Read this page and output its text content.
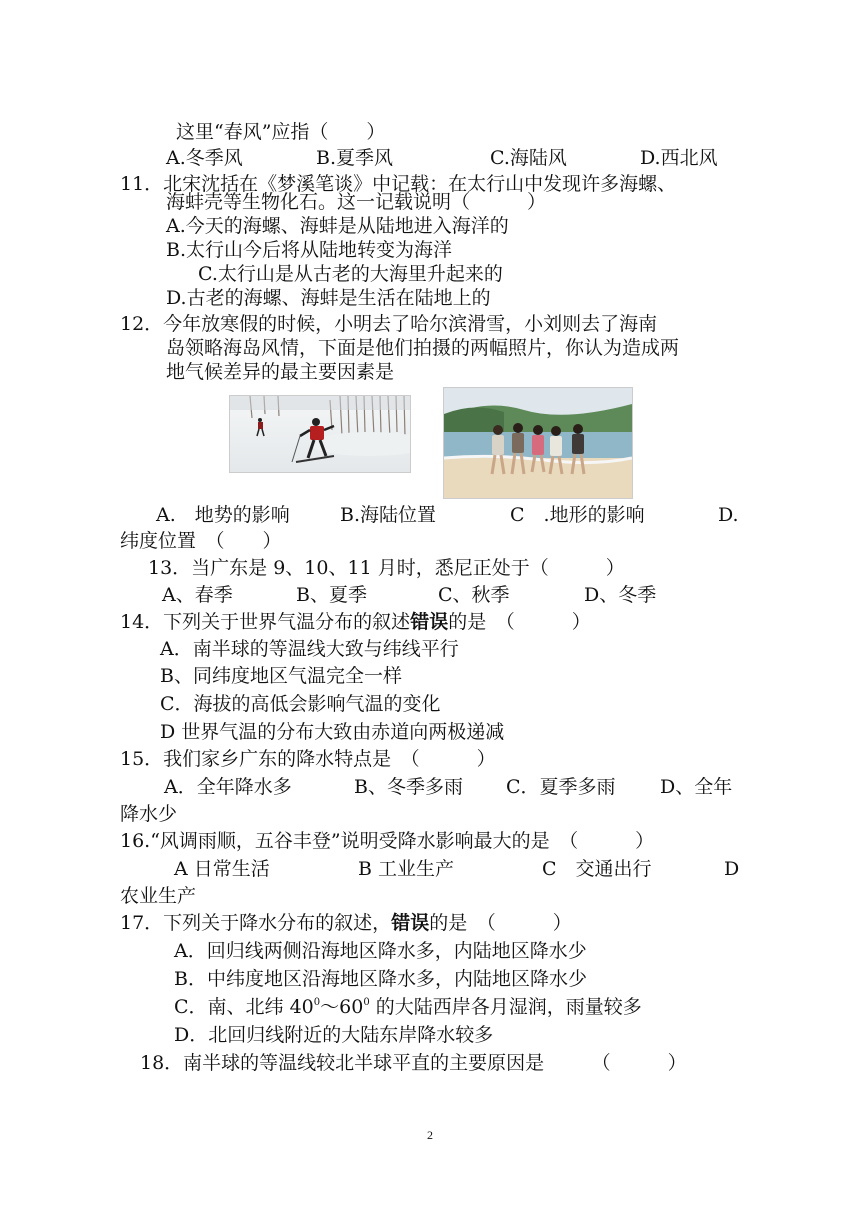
这里“春风”应指（　　）
A.冬季风	B.夏季风	C.海陆风	D.西北风
11．北宋沈括在《梦溪笔谈》中记载：在太行山中发现许多海螺、
海蚌壳等生物化石。这一记载说明（　　　）
A.今天的海螺、海蚌是从陆地进入海洋的
B.太行山今后将从陆地转变为海洋
C.太行山是从古老的大海里升起来的
D.古老的海螺、海蚌是生活在陆地上的
12．今年放寒假的时候，小明去了哈尔滨滑雪，小刘则去了海南
岛领略海岛风情，下面是他们拍摄的两幅照片，你认为造成两
地气候差异的最主要因素是
A.　地势的影响	B.海陆位置	C　.地形的影响	D.
纬度位置　（　　）
13．当广东是 9、10、11 月时，悉尼正处于（　　　）
A、春季	B、夏季	C、秋季	D、冬季
14．下列关于世界气温分布的叙述错误的是　（　　　）
A．南半球的等温线大致与纬线平行
B、同纬度地区气温完全一样
C．海拔的高低会影响气温的变化
D 世界气温的分布大致由赤道向两极递减
15．我们家乡广东的降水特点是　（　　　）
A．全年降水多	B、冬季多雨 C．夏季多雨 D、全年
降水少
16.“风调雨顺，五谷丰登”说明受降水影响最大的是　（　　　）
A 日常生活	B 工业生产	C　交通出行	D
农业生产
17．下列关于降水分布的叙述，错误的是　（　　　）
A．回归线两侧沿海地区降水多，内陆地区降水少
B．中纬度地区沿海地区降水多，内陆地区降水少
C．南、北纬 $40^0\sim 60^0$ 的大陆西岸各月湿润，雨量较多
D．北回归线附近的大陆东岸降水较多
18．南半球的等温线较北半球平直的主要原因是　　　（　　　）
2
